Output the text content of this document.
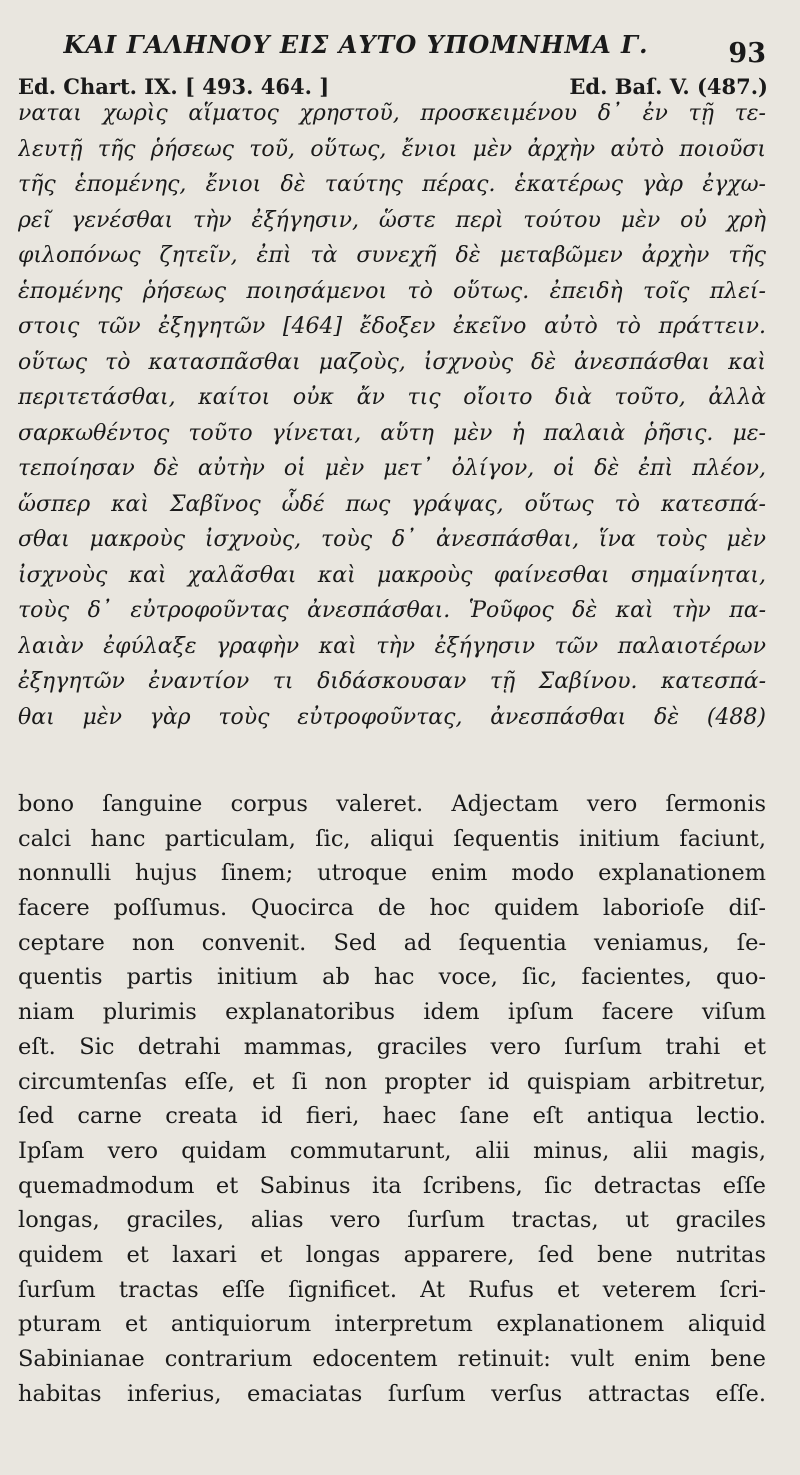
ΚΑΙ ΓΑΛΗΝΟΥ ΕΙΣ ΑΥΤΟ ΥΠΟΜΝΗΜΑ Γ.	93
Ed. Chart. IX. [ 493. 464. ]	Ed. Baſ. V. (487.)
ναται χωρὶς αἵματος χρηστοῦ, προσκειμένου δ᾽ ἐν τῇ τε-
λευτῇ τῆς ῥήσεως τοῦ, οὕτως, ἔνιοι μὲν ἀρχὴν αὐτὸ ποιοῦσι
τῆς ἑπομένης, ἔνιοι δὲ ταύτης πέρας. ἑκατέρως γὰρ ἐγχω-
ρεῖ γενέσθαι τὴν ἐξήγησιν, ὥστε περὶ τούτου μὲν οὐ χρὴ
φιλοπόνως ζητεῖν, ἐπὶ τὰ συνεχῆ δὲ μεταβῶμεν ἀρχὴν τῆς
ἑπομένης ῥήσεως ποιησάμενοι τὸ οὕτως. ἐπειδὴ τοῖς πλεί-
στοις τῶν ἐξηγητῶν [464] ἔδοξεν ἐκεῖνο αὐτὸ τὸ πράττειν.
οὕτως τὸ κατασπᾶσθαι μαζοὺς, ἰσχνοὺς δὲ ἀνεσπάσθαι καὶ
περιτετάσθαι, καίτοι οὐκ ἄν τις οἴοιτο διὰ τοῦτο, ἀλλὰ
σαρκωθέντος τοῦτο γίνεται, αὕτη μὲν ἡ παλαιὰ ῥῆσις. με-
τεποίησαν δὲ αὐτὴν οἱ μὲν μετ᾽ ὀλίγον, οἱ δὲ ἐπὶ πλέον,
ὥσπερ καὶ Σαβῖνος ὧδέ πως γράψας, οὕτως τὸ κατεσπά-
σθαι μακροὺς ἰσχνοὺς, τοὺς δ᾽ ἀνεσπάσθαι, ἵνα τοὺς μὲν
ἰσχνοὺς καὶ χαλᾶσθαι καὶ μακροὺς φαίνεσθαι σημαίνηται,
τοὺς δ᾽ εὐτροφοῦντας ἀνεσπάσθαι. Ῥοῦφος δὲ καὶ τὴν πα-
λαιὰν ἐφύλαξε γραφὴν καὶ τὴν ἐξήγησιν τῶν παλαιοτέρων
ἐξηγητῶν ἐναντίον τι διδάσκουσαν τῇ Σαβίνου. κατεσπά-
θαι μὲν γὰρ τοὺς εὐτροφοῦντας, ἀνεσπάσθαι δὲ (488)
bono ſanguine corpus valeret. Adjectam vero ſermonis
calci hanc particulam, ſic, aliqui ſequentis initium faciunt,
nonnulli hujus ſinem; utroque enim modo explanationem
facere poſſumus. Quocirca de hoc quidem laborioſe diſ-
ceptare non convenit. Sed ad ſequentia veniamus, ſe-
quentis partis initium ab hac voce, ſic, facientes, quo-
niam plurimis explanatoribus idem ipſum facere viſum
eſt. Sic detrahi mammas, graciles vero ſurſum trahi et
circumtenſas eſſe, et ſi non propter id quispiam arbitretur,
ſed carne creata id fieri, haec ſane eſt antiqua lectio.
Ipſam vero quidam commutarunt, alii minus, alii magis,
quemadmodum et Sabinus ita ſcribens, ſic detractas eſſe
longas, graciles, alias vero ſurſum tractas, ut graciles
quidem et laxari et longas apparere, ſed bene nutritas
ſurſum tractas eſſe ſignificet. At Rufus et veterem ſcri-
pturam et antiquiorum interpretum explanationem aliquid
Sabinianae contrarium edocentem retinuit: vult enim bene
habitas inferius, emaciatas ſurſum verſus attractas eſſe.
